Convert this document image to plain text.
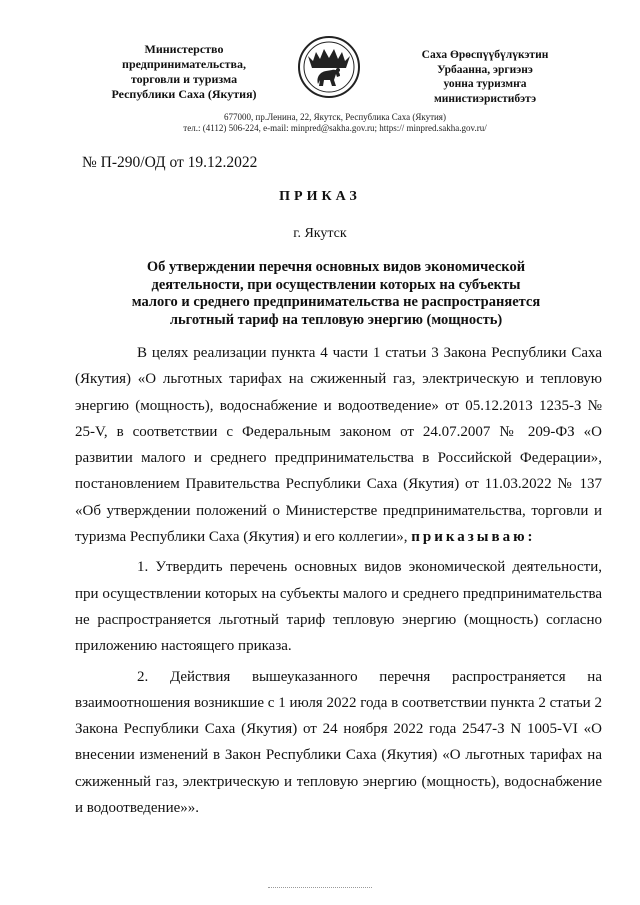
Министерство
предпринимательства,
торговли и туризма
Республики Саха (Якутия)
Саха Өрөспүүбүлүкэтин
Урбаанна, эргиэнэ
уонна туризмҥа
министиэристибэтэ
677000, пр.Ленина, 22, Якутск, Республика Саха (Якутия)
тел.: (4112) 506-224, e-mail: minpred@sakha.gov.ru; https:// minpred.sakha.gov.ru/
№ П-290/ОД от 19.12.2022
ПРИКАЗ
г. Якутск
Об утверждении перечня основных видов экономической
деятельности, при осуществлении которых на субъекты
малого и среднего предпринимательства не распространяется
льготный тариф на тепловую энергию (мощность)

В целях реализации пункта 4 части 1 статьи 3 Закона Республики Саха (Якутия) «О льготных тарифах на сжиженный газ, электрическую и тепловую энергию (мощность), водоснабжение и водоотведение» от 05.12.2013 1235-З № 25-V, в соответствии с Федеральным законом от 24.07.2007 № 209-ФЗ «О развитии малого и среднего предпринимательства в Российской Федерации», постановлением Правительства Республики Саха (Якутия) от 11.03.2022 № 137 «Об утверждении положений о Министерстве предпринимательства, торговли и туризма Республики Саха (Якутия) и его коллегии», приказываю:

1. Утвердить перечень основных видов экономической деятельности, при осуществлении которых на субъекты малого и среднего предпринимательства не распространяется льготный тариф тепловую энергию (мощность) согласно приложению настоящего приказа.

2. Действия вышеуказанного перечня распространяется на взаимоотношения возникшие с 1 июля 2022 года в соответствии пункта 2 статьи 2 Закона Республики Саха (Якутия) от 24 ноября 2022 года 2547-З N 1005-VI «О внесении изменений в Закон Республики Саха (Якутия) «О льготных тарифах на сжиженный газ, электрическую и тепловую энергию (мощность), водоснабжение и водоотведение»».
